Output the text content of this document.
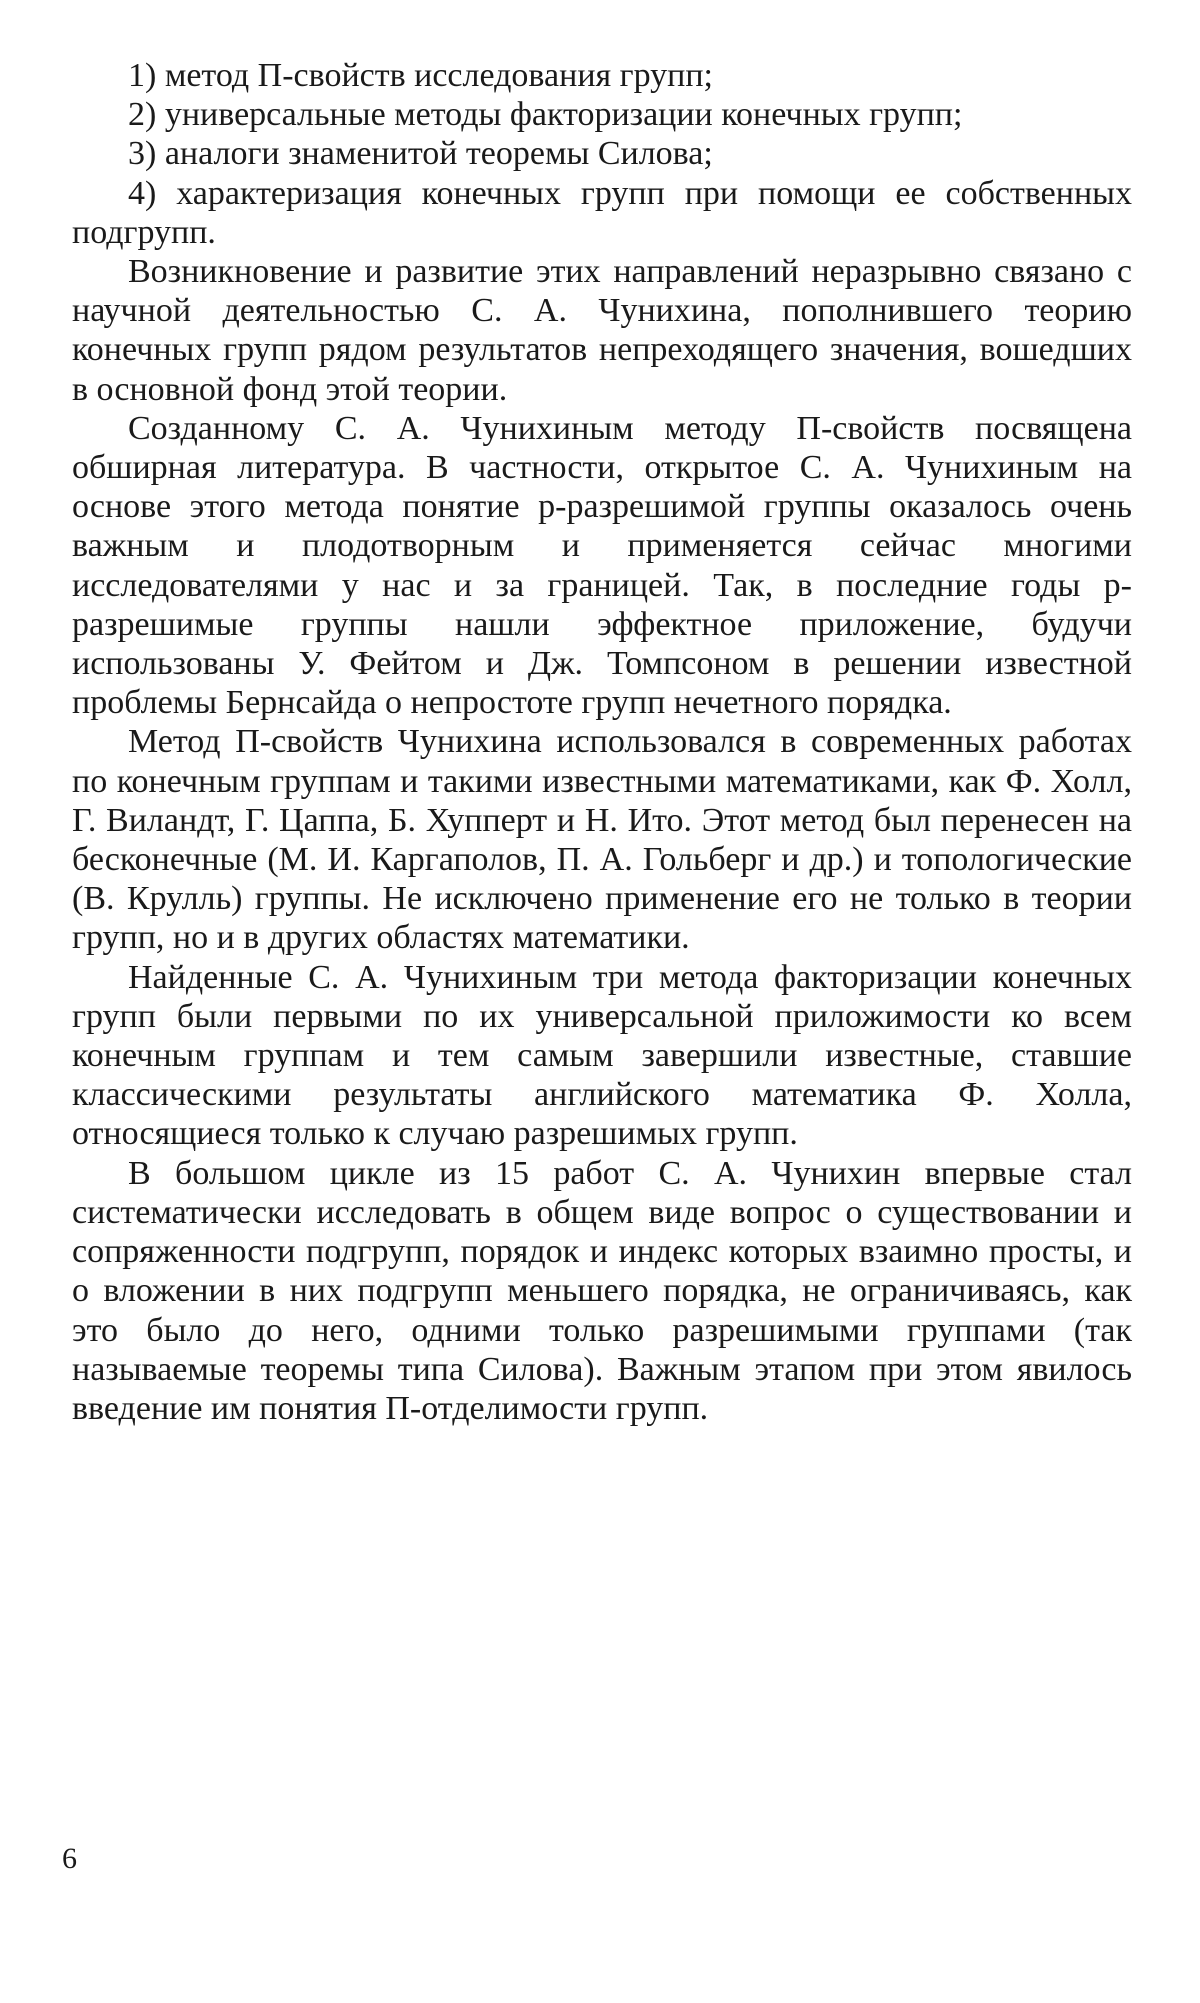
1) метод П-свойств исследования групп;

2) универсальные методы факторизации конечных групп;

3) аналоги знаменитой теоремы Силова;

4) характеризация конечных групп при помощи ее собственных подгрупп.

Возникновение и развитие этих направлений неразрывно связано с научной деятельностью С. А. Чунихина, пополнившего теорию конечных групп рядом результатов непреходящего значения, вошедших в основной фонд этой теории.

Созданному С. А. Чунихиным методу П-свойств посвящена обширная литература. В частности, открытое С. А. Чунихиным на основе этого метода понятие p-разрешимой группы оказалось очень важным и плодотворным и применяется сейчас многими исследователями у нас и за границей. Так, в последние годы p-разрешимые группы нашли эффектное приложение, будучи использованы У. Фейтом и Дж. Томпсоном в решении известной проблемы Бернсайда о непростоте групп нечетного порядка.

Метод П-свойств Чунихина использовался в современных работах по конечным группам и такими известными математиками, как Ф. Холл, Г. Виландт, Г. Цаппа, Б. Хупперт и Н. Ито. Этот метод был перенесен на бесконечные (М. И. Каргаполов, П. А. Гольберг и др.) и топологические (В. Крулль) группы. Не исключено применение его не только в теории групп, но и в других областях математики.

Найденные С. А. Чунихиным три метода факторизации конечных групп были первыми по их универсальной приложимости ко всем конечным группам и тем самым завершили известные, ставшие классическими результаты английского математика Ф. Холла, относящиеся только к случаю разрешимых групп.

В большом цикле из 15 работ С. А. Чунихин впервые стал систематически исследовать в общем виде вопрос о существовании и сопряженности подгрупп, порядок и индекс которых взаимно просты, и о вложении в них подгрупп меньшего порядка, не ограничиваясь, как это было до него, одними только разрешимыми группами (так называемые теоремы типа Силова). Важным этапом при этом явилось введение им понятия П-отделимости групп.

6
